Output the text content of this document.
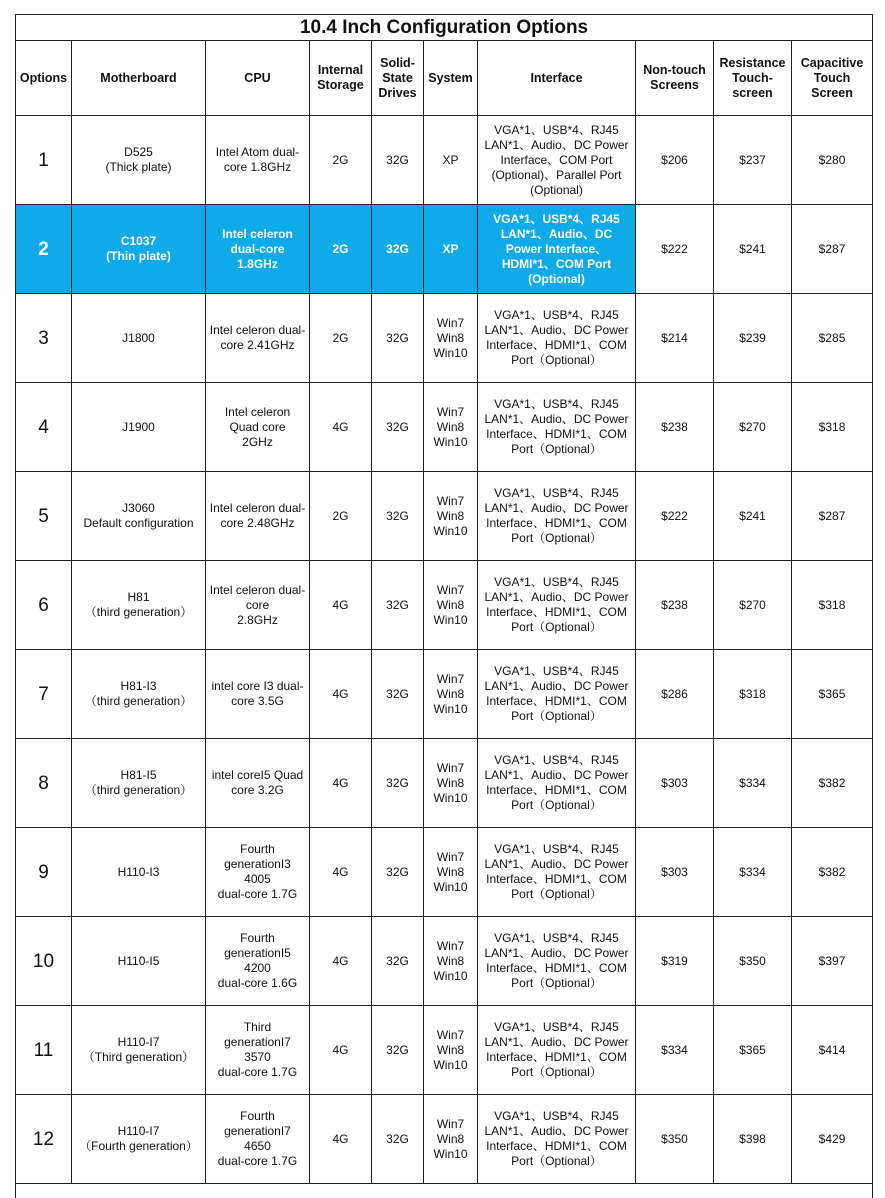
10.4 Inch Configuration Options									
Options	Motherboard	CPU	Internal Storage	Solid-State Drives	System	Interface	Non-touch Screens	Resistance Touch-screen	Capacitive Touch Screen
1	D525
(Thick plate)	Intel Atom dual-
core 1.8GHz	2G	32G	XP	VGA*1、USB*4、RJ45
LAN*1、Audio、DC Power
Interface、COM Port
(Optional)、Parallel Port
(Optional)	$206	$237	$280
2	C1037
(Thin plate)	Intel celeron
dual-core
1.8GHz	2G	32G	XP	VGA*1、USB*4、RJ45
LAN*1、Audio、DC
Power Interface、
HDMI*1、COM Port
(Optional)	$222	$241	$287
3	J1800	Intel celeron dual-
core 2.41GHz	2G	32G	Win7
Win8
Win10	VGA*1、USB*4、RJ45
LAN*1、Audio、DC Power
Interface、HDMI*1、COM
Port（Optional）	$214	$239	$285
4	J1900	Intel celeron
Quad core
2GHz	4G	32G	Win7
Win8
Win10	VGA*1、USB*4、RJ45
LAN*1、Audio、DC Power
Interface、HDMI*1、COM
Port（Optional）	$238	$270	$318
5	J3060
Default configuration	Intel celeron dual-
core 2.48GHz	2G	32G	Win7
Win8
Win10	VGA*1、USB*4、RJ45
LAN*1、Audio、DC Power
Interface、HDMI*1、COM
Port（Optional）	$222	$241	$287
6	H81
（third generation）	Intel celeron dual-
core
2.8GHz	4G	32G	Win7
Win8
Win10	VGA*1、USB*4、RJ45
LAN*1、Audio、DC Power
Interface、HDMI*1、COM
Port（Optional）	$238	$270	$318
7	H81-I3
（third generation）	intel core I3 dual-
core 3.5G	4G	32G	Win7
Win8
Win10	VGA*1、USB*4、RJ45
LAN*1、Audio、DC Power
Interface、HDMI*1、COM
Port（Optional）	$286	$318	$365
8	H81-I5
（third generation）	intel coreI5 Quad
core 3.2G	4G	32G	Win7
Win8
Win10	VGA*1、USB*4、RJ45
LAN*1、Audio、DC Power
Interface、HDMI*1、COM
Port（Optional）	$303	$334	$382
9	H110-I3	Fourth
generationI3
4005
dual-core 1.7G	4G	32G	Win7
Win8
Win10	VGA*1、USB*4、RJ45
LAN*1、Audio、DC Power
Interface、HDMI*1、COM
Port（Optional）	$303	$334	$382
10	H110-I5	Fourth
generationI5
4200
dual-core 1.6G	4G	32G	Win7
Win8
Win10	VGA*1、USB*4、RJ45
LAN*1、Audio、DC Power
Interface、HDMI*1、COM
Port（Optional）	$319	$350	$397
11	H110-I7
（Third generation）	Third
generationI7
3570
dual-core 1.7G	4G	32G	Win7
Win8
Win10	VGA*1、USB*4、RJ45
LAN*1、Audio、DC Power
Interface、HDMI*1、COM
Port（Optional）	$334	$365	$414
12	H110-I7
（Fourth generation）	Fourth
generationI7
4650
dual-core 1.7G	4G	32G	Win7
Win8
Win10	VGA*1、USB*4、RJ45
LAN*1、Audio、DC Power
Interface、HDMI*1、COM
Port（Optional）	$350	$398	$429
